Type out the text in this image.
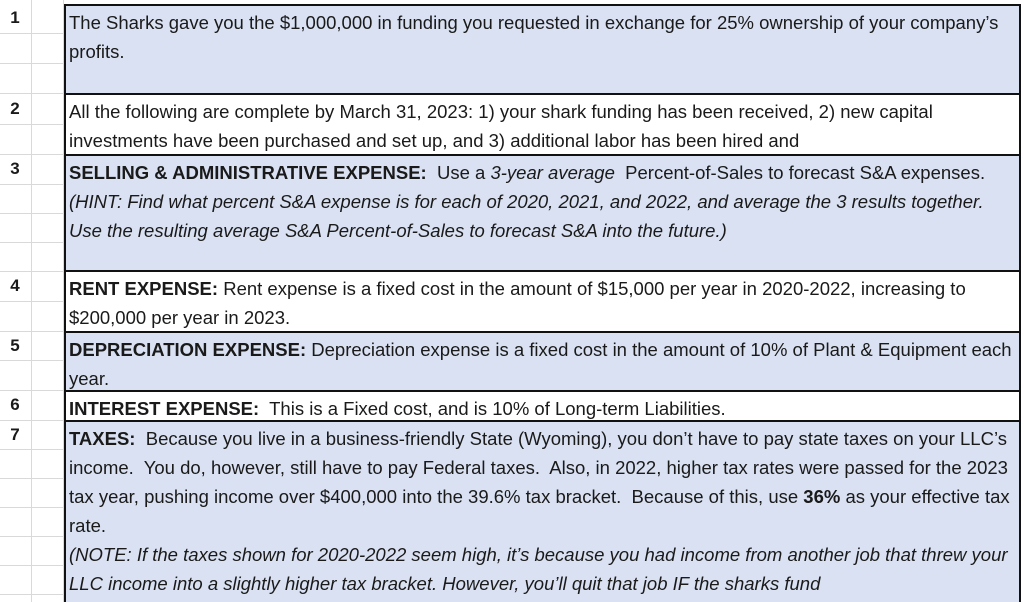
1
2
3
4
5
6
7

The Sharks gave you the $1,000,000 in funding you requested in exchange for 25% ownership of your company’s profits.

All the following are complete by March 31, 2023: 1) your shark funding has been received, 2) new capital investments have been purchased and set up, and 3) additional labor has been hired and

SELLING & ADMINISTRATIVE EXPENSE:  Use a 3-year average  Percent-of-Sales to forecast S&A expenses.

(HINT: Find what percent S&A expense is for each of 2020, 2021, and 2022, and average the 3 results together. Use the resulting average S&A Percent-of-Sales to forecast S&A into the future.)

RENT EXPENSE: Rent expense is a fixed cost in the amount of $15,000 per year in 2020-2022, increasing to $200,000 per year in 2023.

DEPRECIATION EXPENSE: Depreciation expense is a fixed cost in the amount of 10% of Plant & Equipment each year.

INTEREST EXPENSE:  This is a Fixed cost, and is 10% of Long-term Liabilities.

TAXES:  Because you live in a business-friendly State (Wyoming), you don’t have to pay state taxes on your LLC’s income.  You do, however, still have to pay Federal taxes.  Also, in 2022, higher tax rates were passed for the 2023 tax year, pushing income over $400,000 into the 39.6% tax bracket.  Because of this, use 36% as your effective tax rate.

(NOTE: If the taxes shown for 2020-2022 seem high, it’s because you had income from another job that threw your LLC income into a slightly higher tax bracket. However, you’ll quit that job IF the sharks fund
